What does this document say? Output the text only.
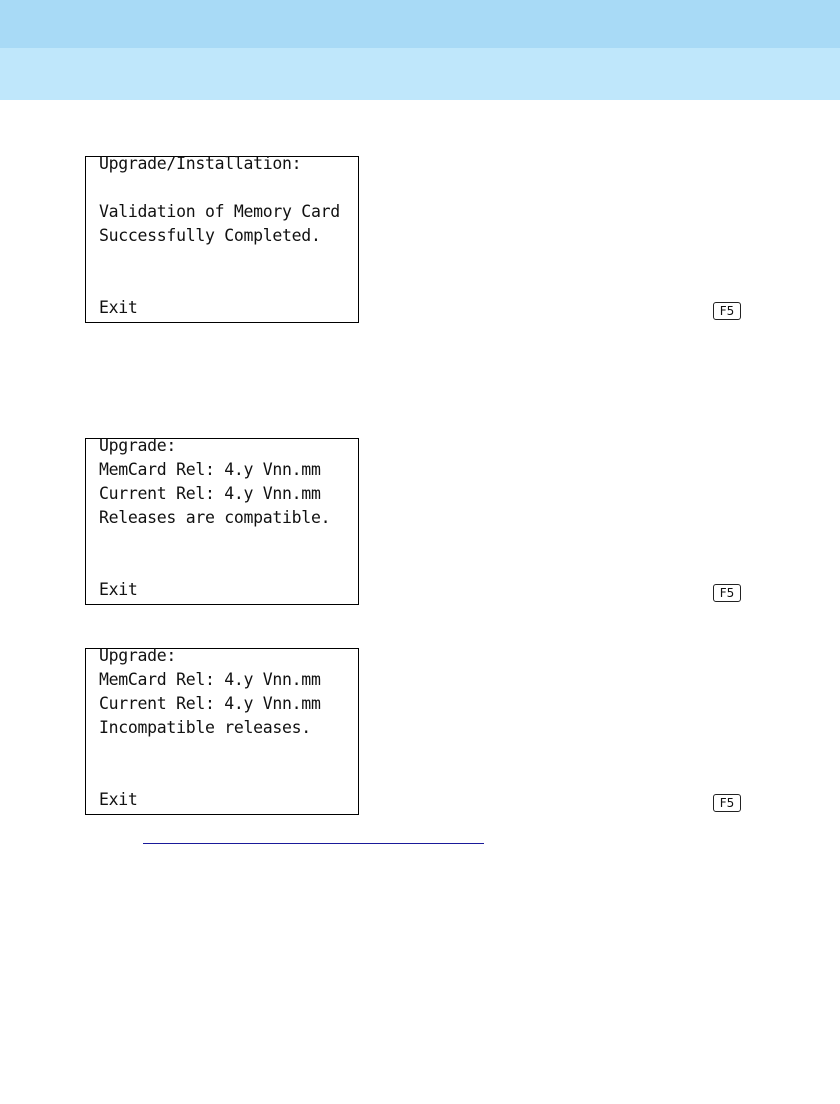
Upgrade/Installation:
Validation of Memory Card
Successfully Completed.
Exit	F5
Upgrade:
MemCard Rel: 4.y Vnn.mm
Current Rel: 4.y Vnn.mm
Releases are compatible.
Exit	F5
Upgrade:
MemCard Rel: 4.y Vnn.mm
Current Rel: 4.y Vnn.mm
Incompatible releases.
Exit	F5
